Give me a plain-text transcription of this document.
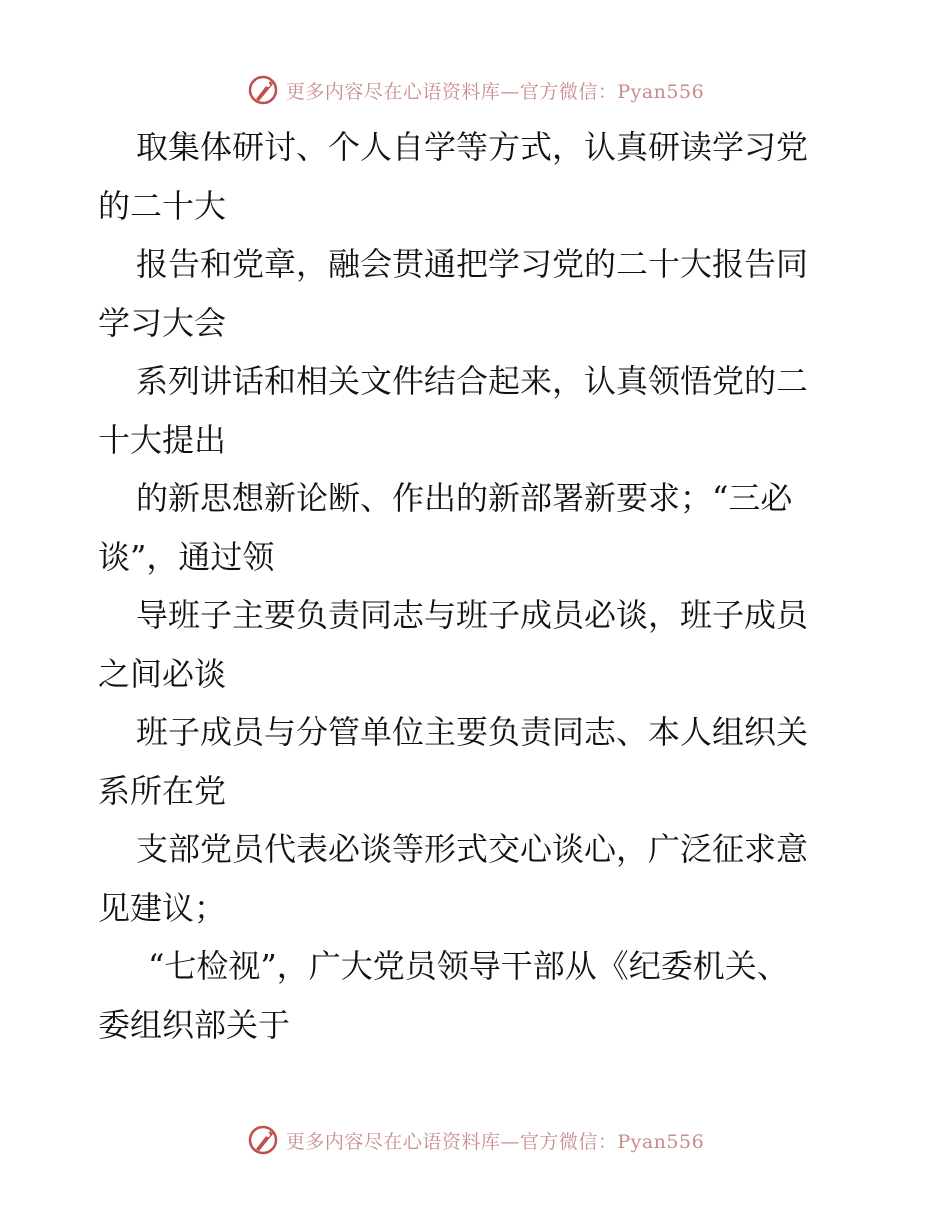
更多内容尽在心语资料库—官方微信：Pyan556
取集体研讨、个人自学等方式，认真研读学习党
的二十大
报告和党章，融会贯通把学习党的二十大报告同
学习大会
系列讲话和相关文件结合起来，认真领悟党的二
十大提出
的新思想新论断、作出的新部署新要求；“三必
谈”，通过领
导班子主要负责同志与班子成员必谈，班子成员
之间必谈
班子成员与分管单位主要负责同志、本人组织关
系所在党
支部党员代表必谈等形式交心谈心，广泛征求意
见建议；
“七检视”，广大党员领导干部从《纪委机关、
委组织部关于
更多内容尽在心语资料库—官方微信：Pyan556
